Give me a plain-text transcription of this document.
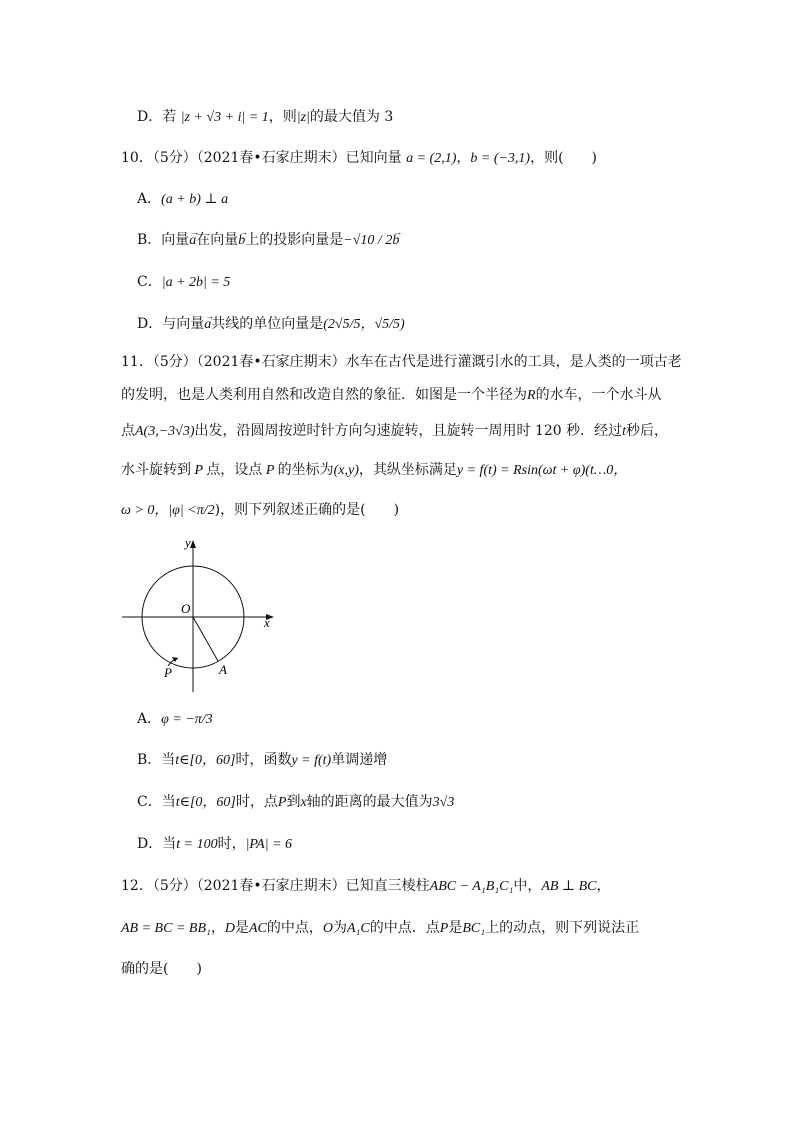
D．若 |z + √3 + i| = 1，则|z|的最大值为 3
10．（5分）（2021春•石家庄期末）已知向量 a = (2,1)，b = (−3,1)，则(　　)
A．(a + b) ⊥ a
B．向量→ a在向量→ b上的投影向量是−√10 / 2→ b
C．|a + 2b| = 5
D．与向量→ a共线的单位向量是(2√5/5，√5/5)
11．（5分）（2021春•石家庄期末）水车在古代是进行灌溉引水的工具，是人类的一项古老
的发明，也是人类利用自然和改造自然的象征．如图是一个半径为R的水车，一个水斗从
点A(3,−3√3)出发，沿圆周按逆时针方向匀速旋转，且旋转一周用时 120 秒．经过t秒后，
水斗旋转到 P 点，设点 P 的坐标为(x,y)，其纵坐标满足y = f(t) = Rsin(ωt + φ)(t…0，
ω > 0，|φ| <π/2)，则下列叙述正确的是(　　)
y
x
O
A
P
A．φ = −π/3
B．当t∈[0，60]时，函数y = f(t)单调递增
C．当t∈[0，60]时，点P到x轴的距离的最大值为3√3
D．当t = 100时，|PA| = 6
12．（5分）（2021春•石家庄期末）已知直三棱柱ABC − A₁B₁C₁中，AB ⊥ BC，
AB = BC = BB₁，D是AC的中点，O为A₁C的中点．点P是BC₁上的动点，则下列说法正
确的是(　　)
